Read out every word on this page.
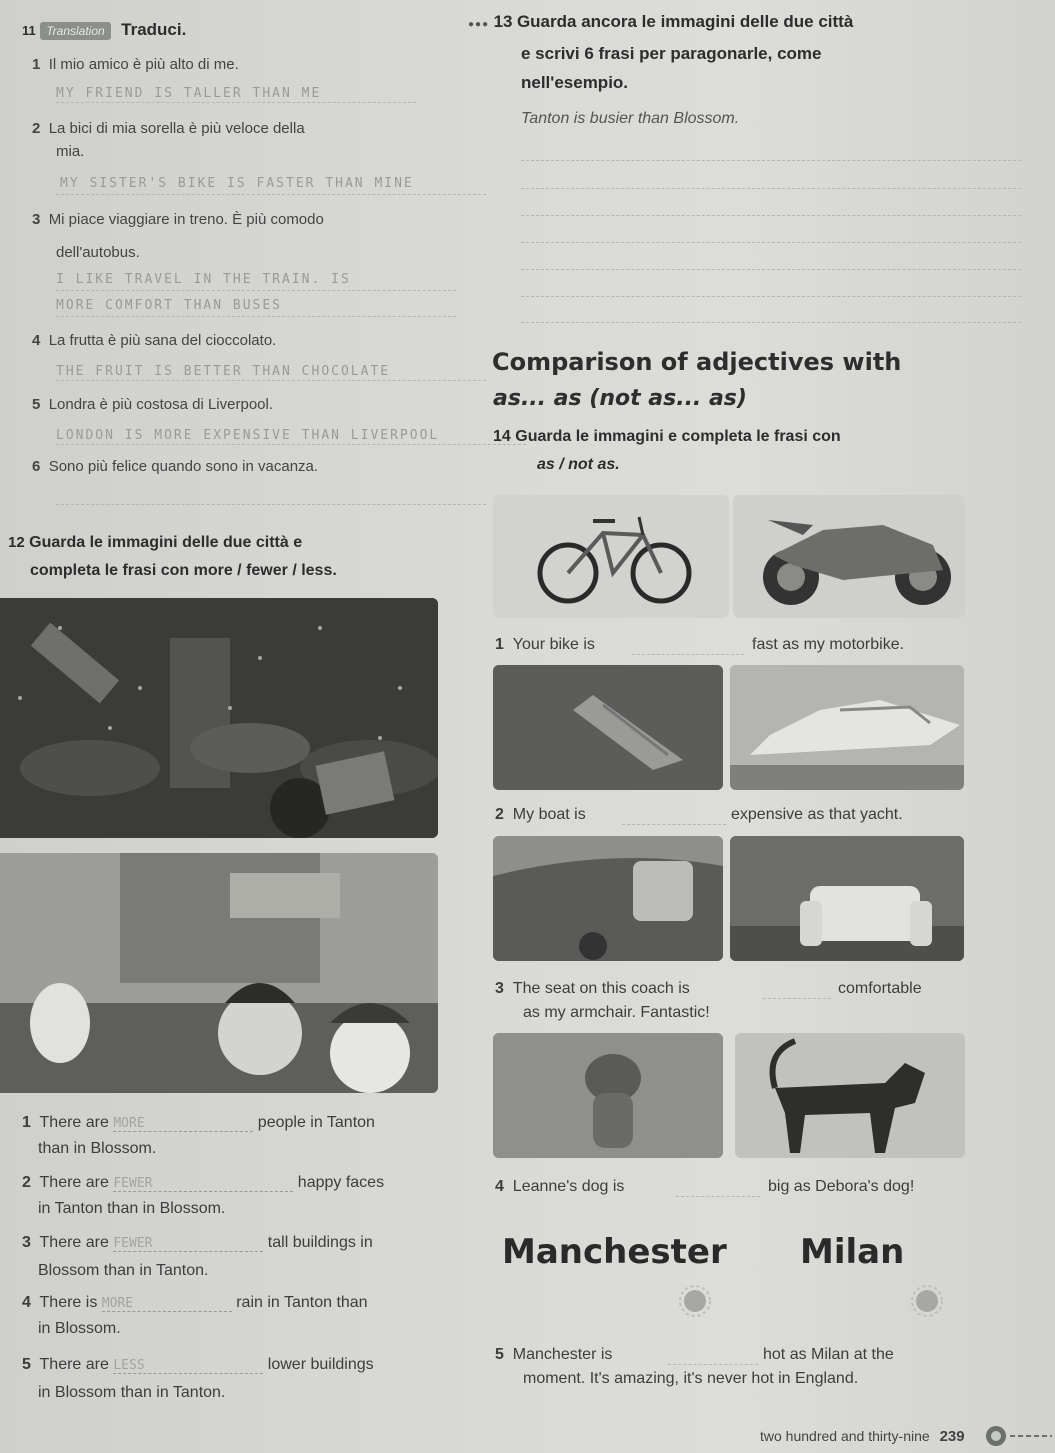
11 Translation Traduci.
1 Il mio amico è più alto di me.
MY FRIEND IS TALLER THAN ME
2 La bici di mia sorella è più veloce della
mia.
MY SISTER'S BIKE IS FASTER THAN MINE
3 Mi piace viaggiare in treno. È più comodo
dell'autobus.
I LIKE TRAVEL IN THE TRAIN. IS
MORE COMFORT THAN BUSES
4 La frutta è più sana del cioccolato.
THE FRUIT IS BETTER THAN CHOCOLATE
5 Londra è più costosa di Liverpool.
LONDON IS MORE EXPENSIVE THAN LIVERPOOL
6 Sono più felice quando sono in vacanza.
●●● 13 Guarda ancora le immagini delle due città
e scrivi 6 frasi per paragonarle, come
nell'esempio.
Tanton is busier than Blossom.
Comparison of adjectives with
as... as (not as... as)
14 Guarda le immagini e completa le frasi con
as / not as.
1 Your bike is	fast as my motorbike.
2 My boat is	expensive as that yacht.
3 The seat on this coach is	comfortable
as my armchair. Fantastic!
4 Leanne's dog is	big as Debora's dog!
Manchester Milan
5 Manchester is	hot as Milan at the
moment. It's amazing, it's never hot in England.
12 Guarda le immagini delle due città e
completa le frasi con more / fewer / less.
1 There are MORE	people in Tanton
than in Blossom.
2 There are FEWER	happy faces
in Tanton than in Blossom.
3 There are FEWER	tall buildings in
Blossom than in Tanton.
4 There is MORE	rain in Tanton than
in Blossom.
5 There are LESS	lower buildings
in Blossom than in Tanton.
two hundred and thirty-nine 239
